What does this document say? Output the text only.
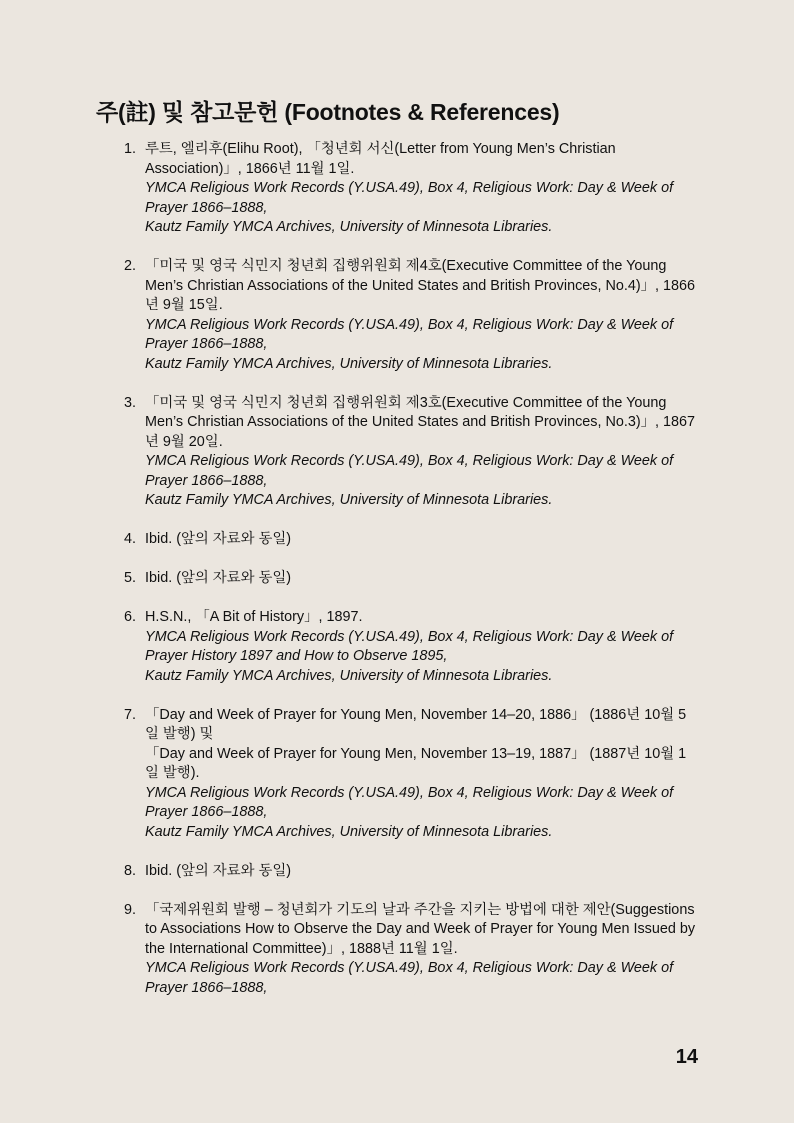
주(註) 및 참고문헌 (Footnotes & References)
1. 루트, 엘리후(Elihu Root), 「청년회 서신(Letter from Young Men’s Christian Association)」, 1866년 11월 1일.
YMCA Religious Work Records (Y.USA.49), Box 4, Religious Work: Day & Week of Prayer 1866–1888,
Kautz Family YMCA Archives, University of Minnesota Libraries.
2. 「미국 및 영국 식민지 청년회 집행위원회 제4호(Executive Committee of the Young Men’s Christian Associations of the United States and British Provinces, No.4)」, 1866년 9월 15일.
YMCA Religious Work Records (Y.USA.49), Box 4, Religious Work: Day & Week of Prayer 1866–1888,
Kautz Family YMCA Archives, University of Minnesota Libraries.
3. 「미국 및 영국 식민지 청년회 집행위원회 제3호(Executive Committee of the Young Men’s Christian Associations of the United States and British Provinces, No.3)」, 1867년 9월 20일.
YMCA Religious Work Records (Y.USA.49), Box 4, Religious Work: Day & Week of Prayer 1866–1888,
Kautz Family YMCA Archives, University of Minnesota Libraries.
4. Ibid. (앞의 자료와 동일)
5. Ibid. (앞의 자료와 동일)
6. H.S.N., 「A Bit of History」, 1897.
YMCA Religious Work Records (Y.USA.49), Box 4, Religious Work: Day & Week of Prayer History 1897 and How to Observe 1895,
Kautz Family YMCA Archives, University of Minnesota Libraries.
7. 「Day and Week of Prayer for Young Men, November 14–20, 1886」 (1886년 10월 5일 발행) 및
「Day and Week of Prayer for Young Men, November 13–19, 1887」 (1887년 10월 1일 발행).
YMCA Religious Work Records (Y.USA.49), Box 4, Religious Work: Day & Week of Prayer 1866–1888,
Kautz Family YMCA Archives, University of Minnesota Libraries.
8. Ibid. (앞의 자료와 동일)
9. 「국제위원회 발행 – 청년회가 기도의 날과 주간을 지키는 방법에 대한 제안(Suggestions to Associations How to Observe the Day and Week of Prayer for Young Men Issued by the International Committee)」, 1888년 11월 1일.
YMCA Religious Work Records (Y.USA.49), Box 4, Religious Work: Day & Week of Prayer 1866–1888,
14
